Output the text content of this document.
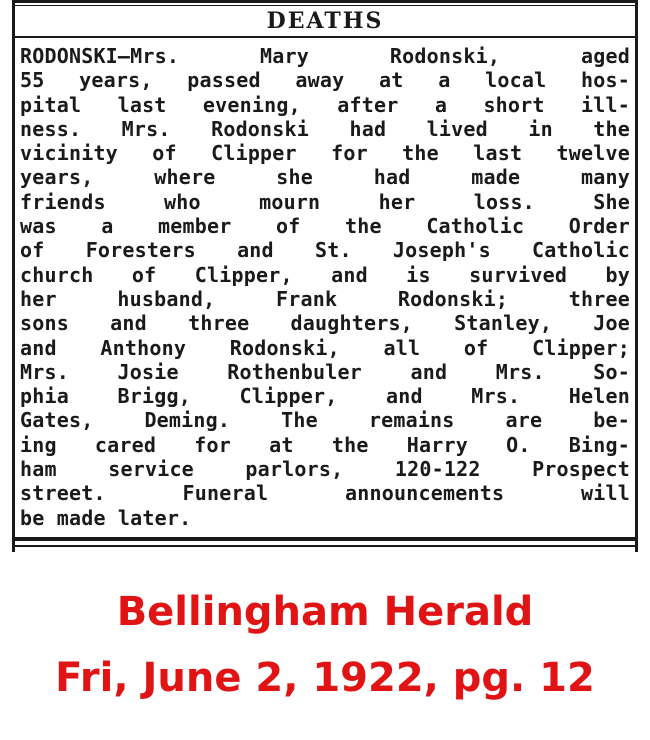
DEATHS
RODONSKI—Mrs. Mary Rodonski, aged
55 years, passed away at a local hos-
pital last evening, after a short ill-
ness. Mrs. Rodonski had lived in the
vicinity of Clipper for the last twelve
years, where she had made many
friends who mourn her loss. She
was a member of the Catholic Order
of Foresters and St. Joseph's Catholic
church of Clipper, and is survived by
her husband, Frank Rodonski; three
sons and three daughters, Stanley, Joe
and Anthony Rodonski, all of Clipper;
Mrs. Josie Rothenbuler and Mrs. So-
phia Brigg, Clipper, and Mrs. Helen
Gates, Deming. The remains are be-
ing cared for at the Harry O. Bing-
ham service parlors, 120-122 Prospect
street. Funeral announcements will
be made later.
Bellingham Herald
Fri, June 2, 1922, pg. 12
